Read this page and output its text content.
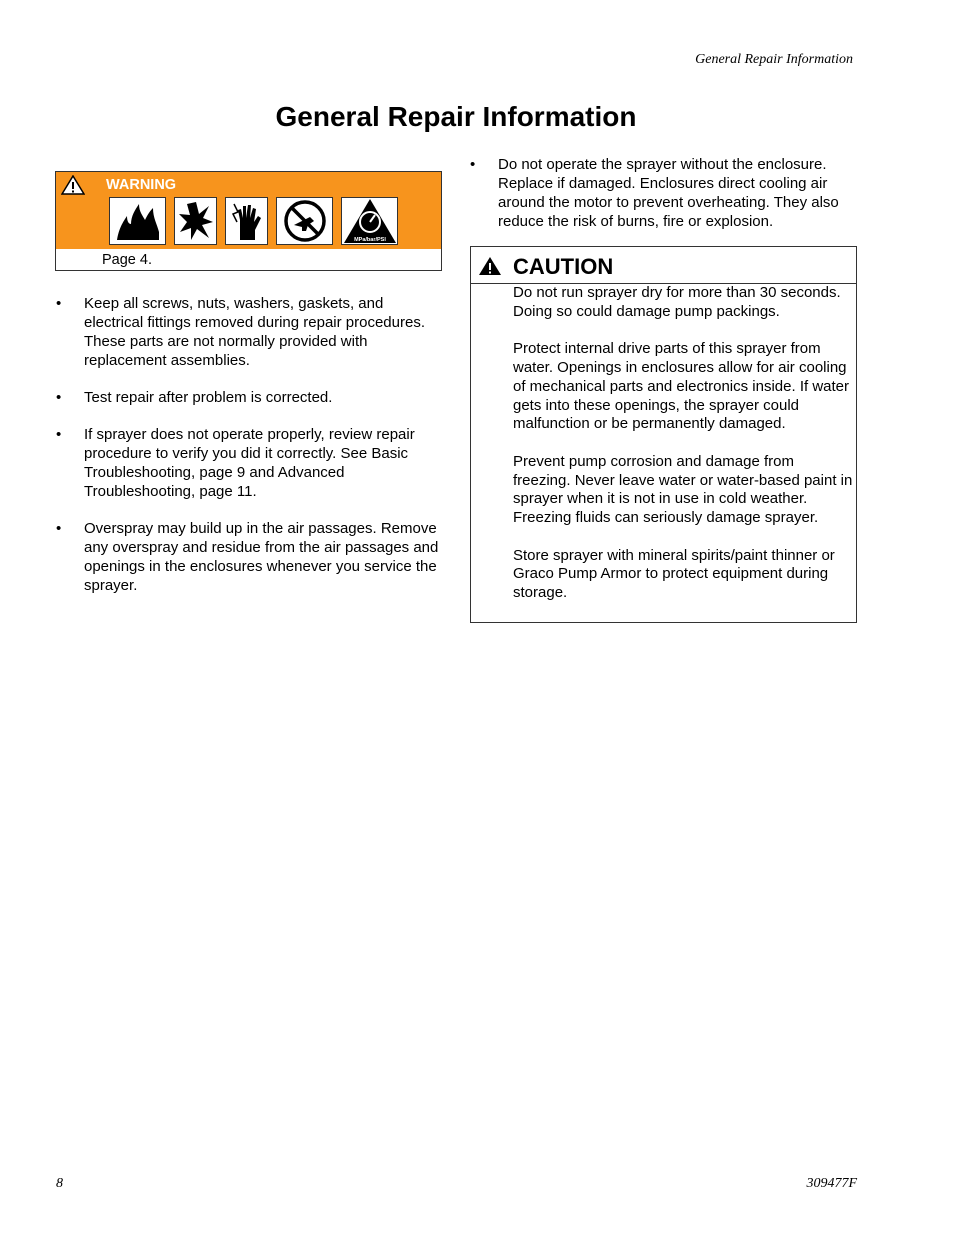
General Repair Information
General Repair Information
WARNING
MPa/bar/PSI
Page 4.
• Keep all screws, nuts, washers, gaskets, and electrical fittings removed during repair procedures. These parts are not normally provided with replacement assemblies.
• Test repair after problem is corrected.
• If sprayer does not operate properly, review repair procedure to verify you did it correctly. See Basic Troubleshooting, page 9 and Advanced Troubleshooting, page 11.
• Overspray may build up in the air passages. Remove any overspray and residue from the air passages and openings in the enclosures whenever you service the sprayer.
• Do not operate the sprayer without the enclosure. Replace if damaged. Enclosures direct cooling air around the motor to prevent overheating. They also reduce the risk of burns, fire or explosion.
CAUTION

Do not run sprayer dry for more than 30 seconds. Doing so could damage pump packings.

Protect internal drive parts of this sprayer from water. Openings in enclosures allow for air cooling of mechanical parts and electronics inside. If water gets into these openings, the sprayer could malfunction or be permanently damaged.

Prevent pump corrosion and damage from freezing. Never leave water or water-based paint in sprayer when it is not in use in cold weather. Freezing fluids can seriously damage sprayer.

Store sprayer with mineral spirits/paint thinner or Graco Pump Armor to protect equipment during storage.

8	309477F
